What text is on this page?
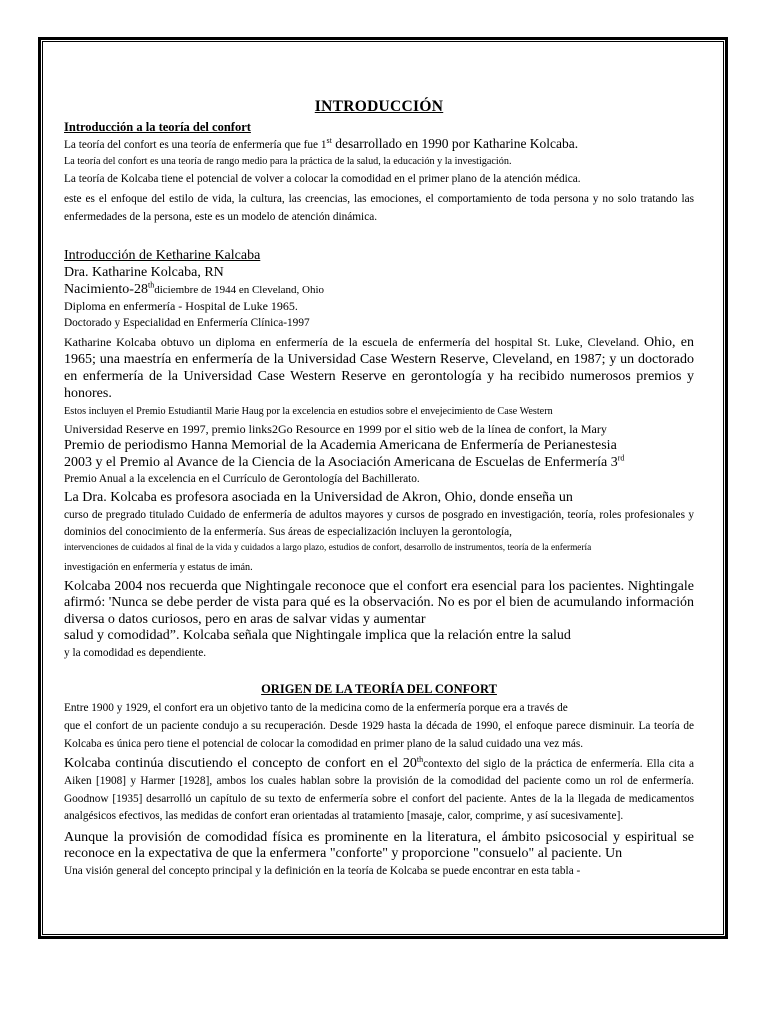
INTRODUCCIÓN
Introducción a la teoría del confort

La teoría del confort es una teoría de enfermería que fue 1st desarrollado en 1990 por Katharine Kolcaba.

La teoría del confort es una teoría de rango medio para la práctica de la salud, la educación y la investigación.

La teoría de Kolcaba tiene el potencial de volver a colocar la comodidad en el primer plano de la atención médica.

este es el enfoque del estilo de vida, la cultura, las creencias, las emociones, el comportamiento de toda persona y no solo tratando las enfermedades de la persona, este es un modelo de atención dinámica.

Introducción de Ketharine Kalcaba

Dra. Katharine Kolcaba, RN

Nacimiento-28thdiciembre de 1944 en Cleveland, Ohio

Diploma en enfermería - Hospital de Luke 1965.

Doctorado y Especialidad en Enfermería Clínica-1997

Katharine Kolcaba obtuvo un diploma en enfermería de la escuela de enfermería del hospital St. Luke, Cleveland. Ohio, en 1965; una maestría en enfermería de la Universidad Case Western Reserve, Cleveland, en 1987; y un doctorado en enfermería de la Universidad Case Western Reserve en gerontología y ha recibido numerosos premios y honores.

Estos incluyen el Premio Estudiantil Marie Haug por la excelencia en estudios sobre el envejecimiento de Case Western

Universidad Reserve en 1997, premio links2Go Resource en 1999 por el sitio web de la línea de confort, la Mary

Premio de periodismo Hanna Memorial de la Academia Americana de Enfermería de Perianestesia

2003 y el Premio al Avance de la Ciencia de la Asociación Americana de Escuelas de Enfermería 3rd

Premio Anual a la excelencia en el Currículo de Gerontología del Bachillerato.

La Dra. Kolcaba es profesora asociada en la Universidad de Akron, Ohio, donde enseña un

curso de pregrado titulado Cuidado de enfermería de adultos mayores y cursos de posgrado en investigación, teoría, roles profesionales y dominios del conocimiento de la enfermería. Sus áreas de especialización incluyen la gerontología,

intervenciones de cuidados al final de la vida y cuidados a largo plazo, estudios de confort, desarrollo de instrumentos, teoría de la enfermería

investigación en enfermería y estatus de imán.

Kolcaba 2004 nos recuerda que Nightingale reconoce que el confort era esencial para los pacientes. Nightingale afirmó: 'Nunca se debe perder de vista para qué es la observación. No es por el bien de acumulando información diversa o datos curiosos, pero en aras de salvar vidas y aumentar

salud y comodidad”. Kolcaba señala que Nightingale implica que la relación entre la salud

y la comodidad es dependiente.

ORIGEN DE LA TEORÍA DEL CONFORT

Entre 1900 y 1929, el confort era un objetivo tanto de la medicina como de la enfermería porque era a través de

que el confort de un paciente condujo a su recuperación. Desde 1929 hasta la década de 1990, el enfoque parece disminuir. La teoría de Kolcaba es única pero tiene el potencial de colocar la comodidad en primer plano de la salud cuidado una vez más.

Kolcaba continúa discutiendo el concepto de confort en el 20thcontexto del siglo de la práctica de enfermería. Ella cita a Aiken [1908] y Harmer [1928], ambos los cuales hablan sobre la provisión de la comodidad del paciente como un rol de enfermería. Goodnow [1935] desarrolló un capítulo de su texto de enfermería sobre el confort del paciente. Antes de la la llegada de medicamentos analgésicos efectivos, las medidas de confort eran orientadas al tratamiento [masaje, calor, comprime, y así sucesivamente].

Aunque la provisión de comodidad física es prominente en la literatura, el ámbito psicosocial y espiritual se reconoce en la expectativa de que la enfermera "conforte" y proporcione "consuelo" al paciente. Un

Una visión general del concepto principal y la definición en la teoría de Kolcaba se puede encontrar en esta tabla -
